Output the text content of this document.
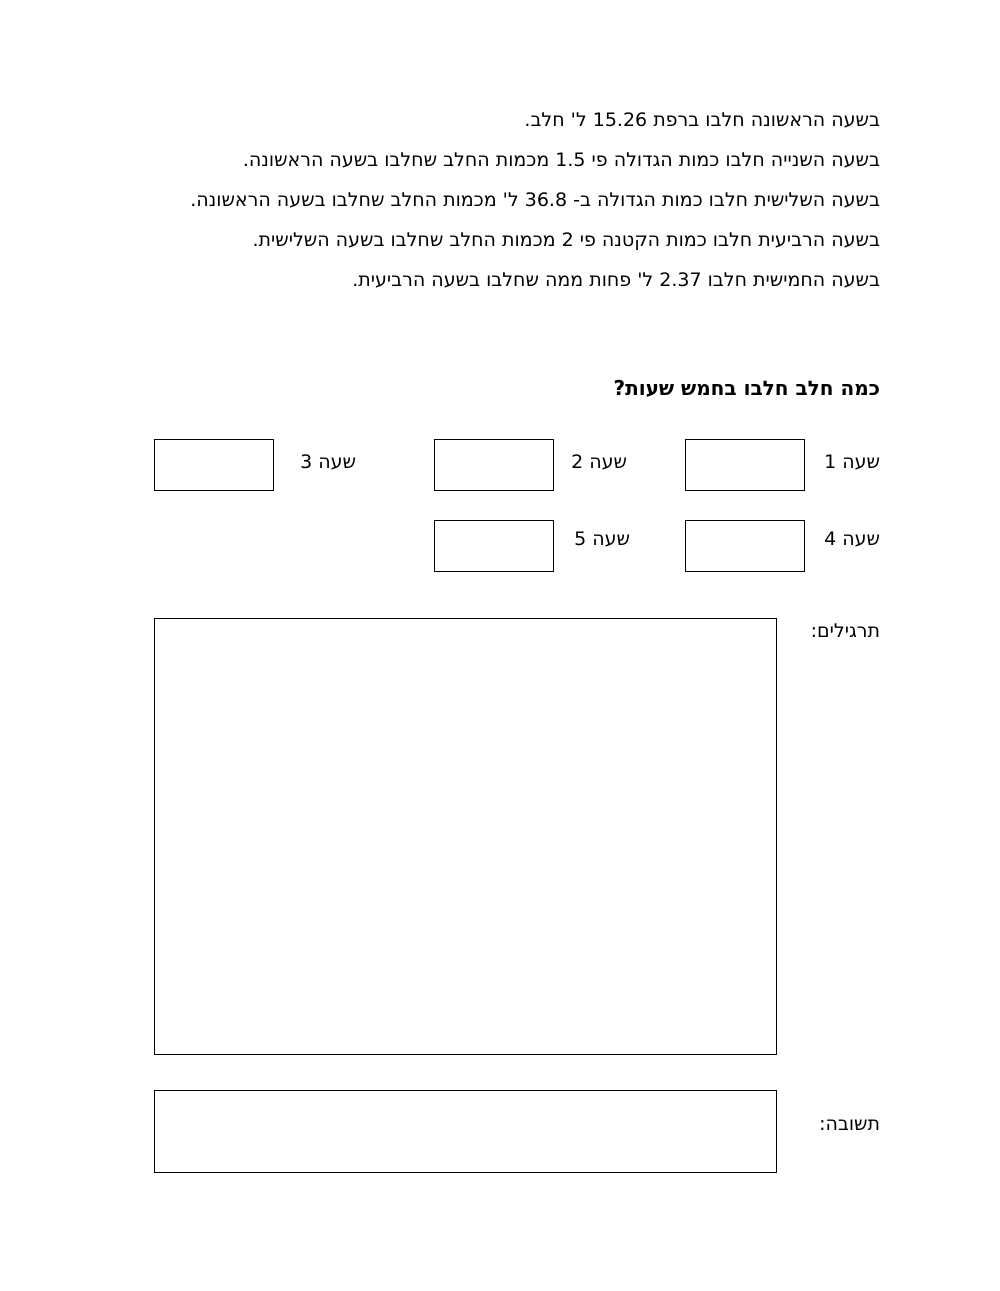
בשעה הראשונה חלבו ברפת 15.26 ל' חלב.

בשעה השנייה חלבו כמות הגדולה פי 1.5 מכמות החלב שחלבו בשעה הראשונה.

בשעה השלישית חלבו כמות הגדולה ב- 36.8 ל' מכמות החלב שחלבו בשעה הראשונה.

בשעה הרביעית חלבו כמות הקטנה פי 2 מכמות החלב שחלבו בשעה השלישית.

בשעה החמישית חלבו 2.37 ל' פחות ממה שחלבו בשעה הרביעית.

כמה חלב חלבו בחמש שעות?
שעה 1
שעה 2
שעה 3
שעה 4
שעה 5
תרגילים:
תשובה:
